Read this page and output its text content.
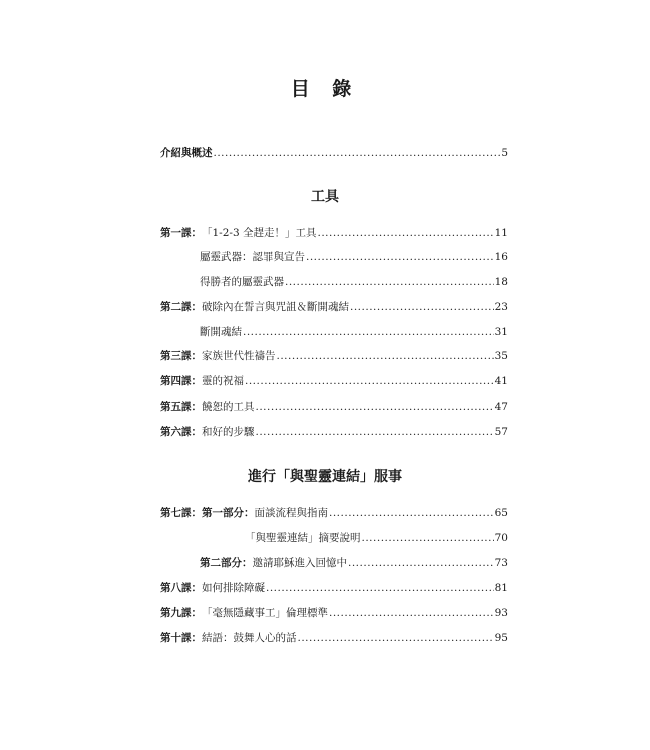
目 錄
介紹與概述 .....	5
工具
第一課： 「1-2-3 全趕走！」工具 .....	11
屬靈武器：認罪與宣告 .....	16
得勝者的屬靈武器 .....	18
第二課： 破除內在誓言與咒詛＆斷開魂結 .....	23
斷開魂結 .....	31
第三課： 家族世代性禱告 .....	35
第四課： 靈的祝福 .....	41
第五課： 饒恕的工具 .....	47
第六課： 和好的步驟 .....	57
進行「與聖靈連結」服事
第七課： 第一部分： 面談流程與指南 .....	65
「與聖靈連結」摘要說明 .....	70
第二部分： 邀請耶穌進入回憶中 .....	73
第八課： 如何排除障礙 .....	81
第九課： 「毫無隱藏事工」倫理標準 .....	93
第十課： 結語：鼓舞人心的話 .....	95
